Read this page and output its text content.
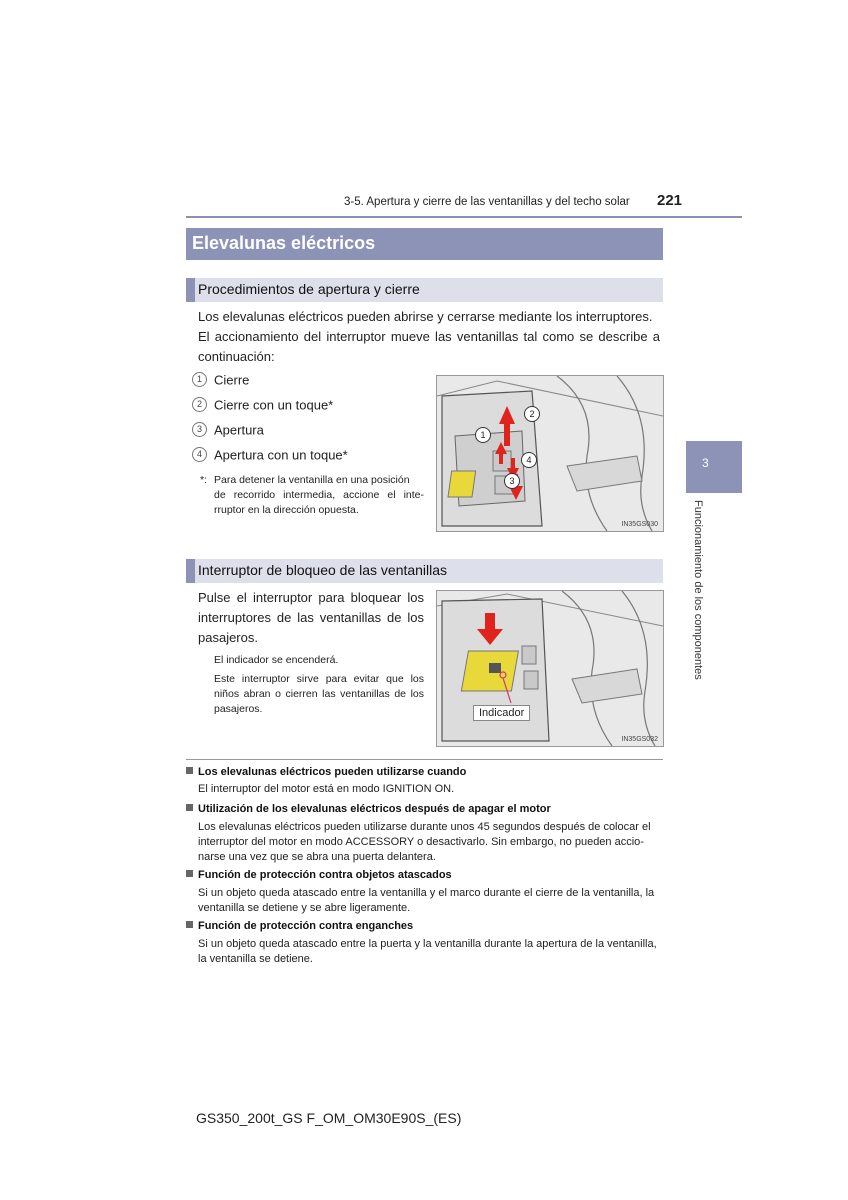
3-5. Apertura y cierre de las ventanillas y del techo solar 221
3
Funcionamiento de los componentes
Elevalunas eléctricos
Procedimientos de apertura y cierre
Los elevalunas eléctricos pueden abrirse y cerrarse mediante los interruptores.
El accionamiento del interruptor mueve las ventanillas tal como se describe a
continuación:
1 Cierre
2 Cierre con un toque*
3 Apertura
4 Apertura con un toque*
*: Para detener la ventanilla en una posición
de recorrido intermedia, accione el inte-
rruptor en la dirección opuesta.
1
2
3
4
IN35GS030
Interruptor de bloqueo de las ventanillas
Pulse el interruptor para bloquear los
interruptores de las ventanillas de los
pasajeros.
El indicador se encenderá.
Este interruptor sirve para evitar que los
niños abran o cierren las ventanillas de los
pasajeros.	Indicador
IN35GS032
Los elevalunas eléctricos pueden utilizarse cuando
El interruptor del motor está en modo IGNITION ON.
Utilización de los elevalunas eléctricos después de apagar el motor
Los elevalunas eléctricos pueden utilizarse durante unos 45 segundos después de colocar el
interruptor del motor en modo ACCESSORY o desactivarlo. Sin embargo, no pueden accio-
narse una vez que se abra una puerta delantera.
Función de protección contra objetos atascados
Si un objeto queda atascado entre la ventanilla y el marco durante el cierre de la ventanilla, la
ventanilla se detiene y se abre ligeramente.
Función de protección contra enganches
Si un objeto queda atascado entre la puerta y la ventanilla durante la apertura de la ventanilla,
la ventanilla se detiene.
GS350_200t_GS F_OM_OM30E90S_(ES)
